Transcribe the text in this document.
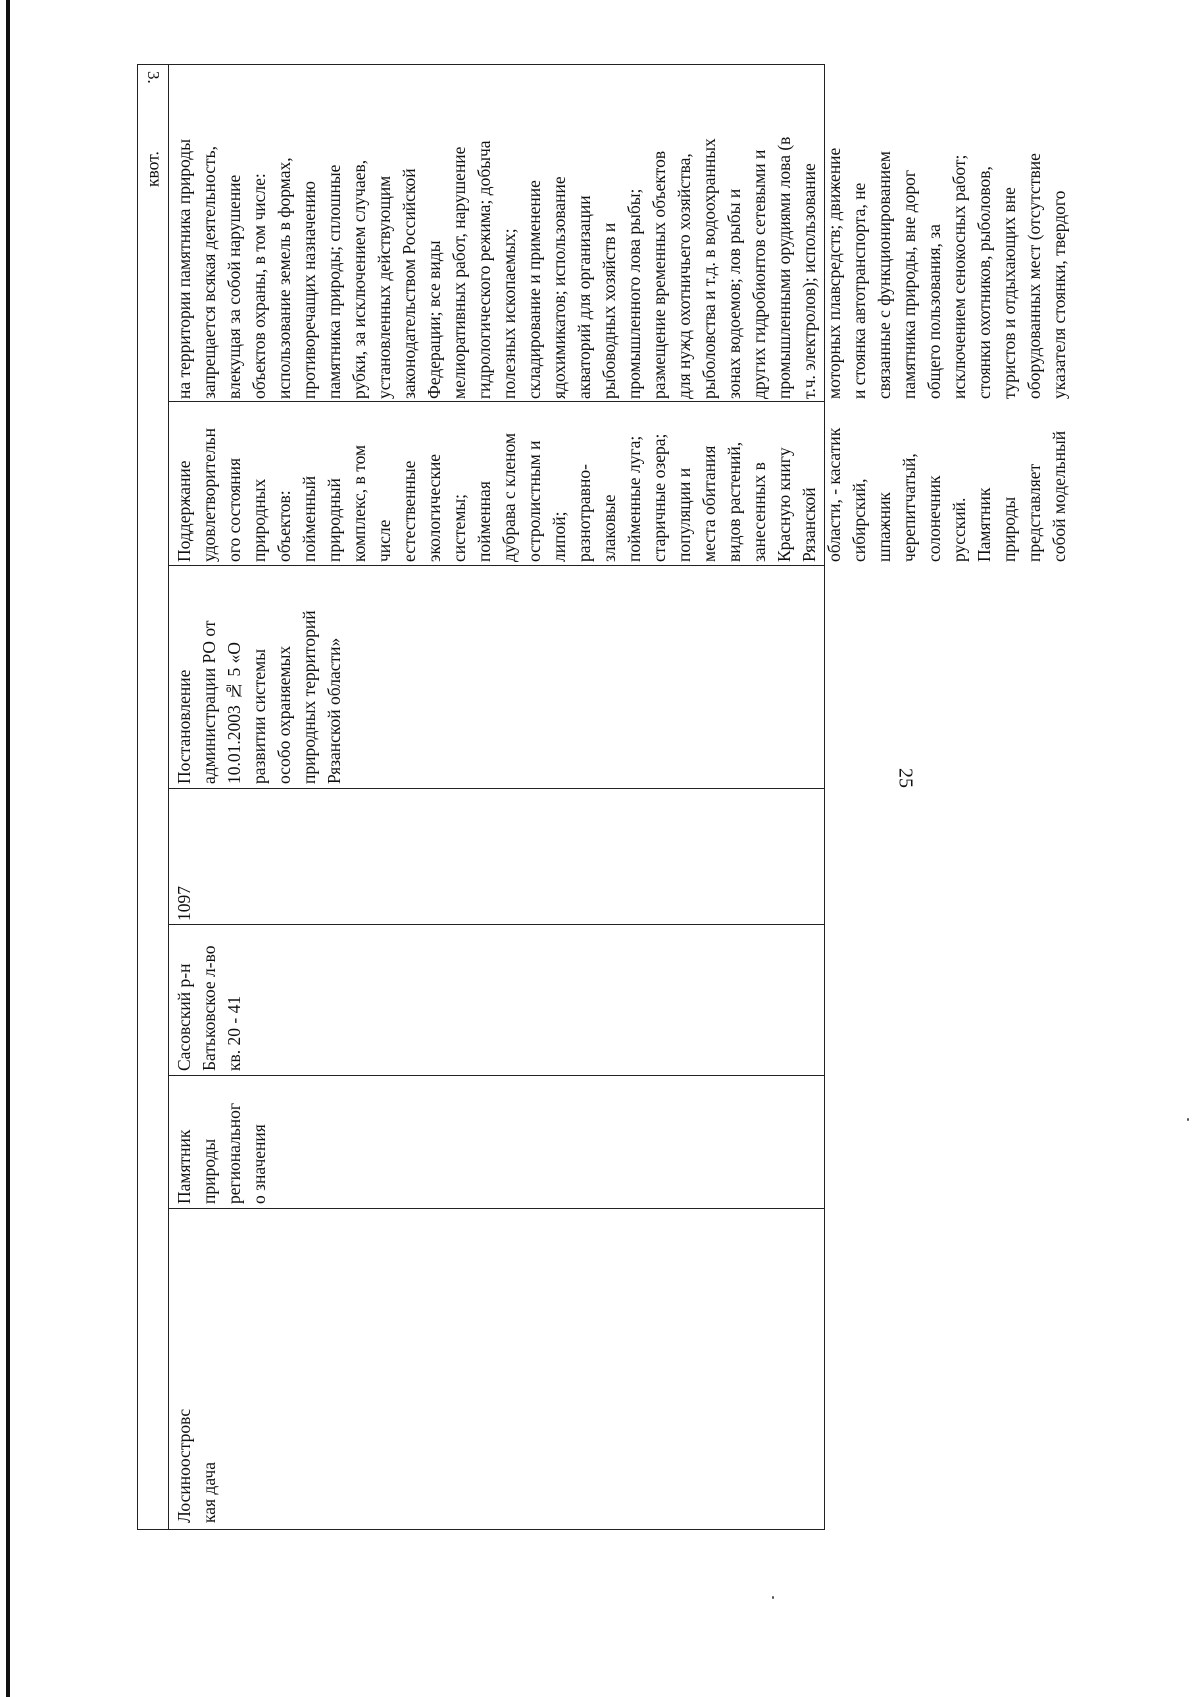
3.
Лосиноостровс
кая дача
Памятник
природы
региональнoг
о значения
Сасовский р-н
Батьковское л-во
кв. 20 - 41
1097
Постановление
администрации РО от
10.01.2003 № 5 «О
развитии системы
особо охраняемых
природных территорий
Рязанской области»
Поддержание
удовлетворительн
ого состояния
природных
объектов:
пойменный
природный
комплекс, в том
числе
естественные
экологические
системы;
пойменная
дубрава с кленом
остролистным и
липой;
разнотравно-
злаковые
пойменные луга;
старичные озера;
популяции и
места обитания
видов растений,
занесенных в
Красную книгу
Рязанской
области, - касатик
сибирский,
шпажник
черепитчатый,
солонечник
русский.
Памятник
природы
представляет
собой модельный
на территории памятника природы
запрещается всякая деятельность,
влекущая за собой нарушение
объектов охраны, в том числе:
использование земель в формах,
противоречащих назначению
памятника природы; сплошные
рубки, за исключением случаев,
установленных действующим
законодательством Российской
Федерации; все виды
мелиоративных работ, нарушение
гидрологического режима; добыча
полезных ископаемых;
складирование и применение
ядохимикатов; использование
акваторий для организации
рыбоводных хозяйств и
промышленного лова рыбы;
размещение временных объектов
для нужд охотничьего хозяйства,
рыболовства и т.д. в водоохранных
зонах водоемов; лов рыбы и
других гидробионтов сетевыми и
промышленными орудиями лова (в
т.ч. электролов); использование
моторных плавсредств; движение
и стоянка автотранспорта, не
связанные с функционированием
памятника природы, вне дорог
общего пользования, за
исключением сенокосных работ;
стоянки охотников, рыболовов,
туристов и отдыхающих вне
оборудованных мест (отсутствие
указателя стоянки, твердого
квот.
25
